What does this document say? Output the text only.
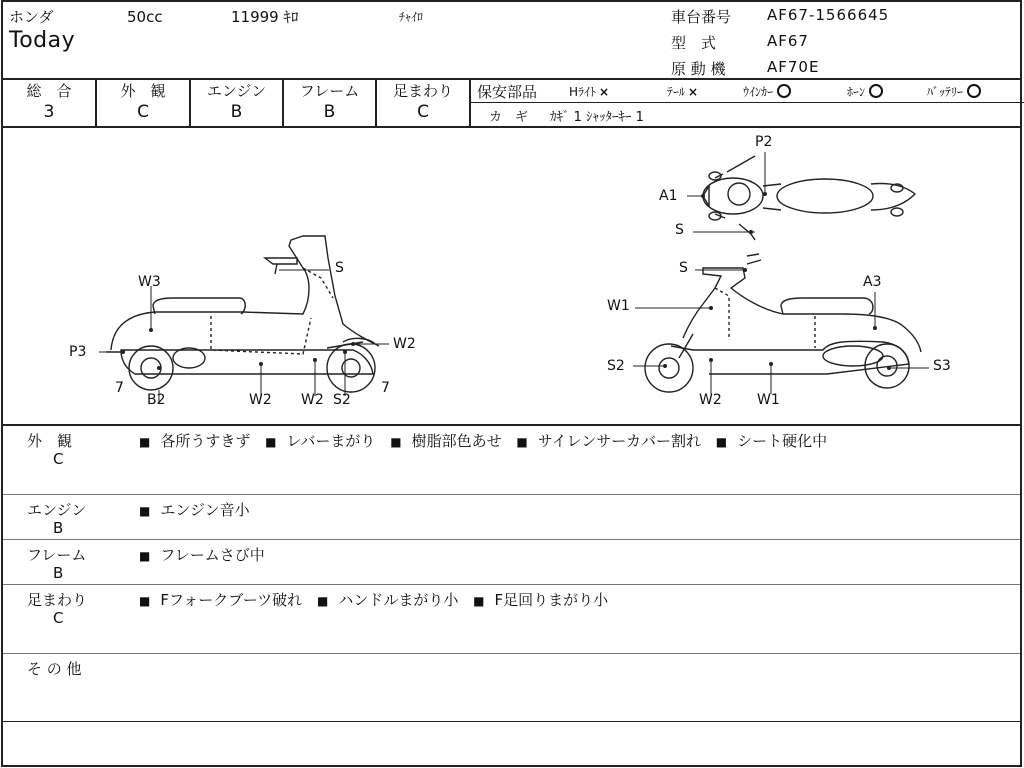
ホンダ	50cc	11999 ｷﾛ	ﾁｬｲﾛ
Today
車台番号 AF67-1566645
型　式	AF67
原 動 機	AF70E
総　合
3
外　観
C
エンジン
B
フレーム
B
足まわり
C
保安部品	Hﾗｲﾄ ×	ﾃｰﾙ ×	ｳｲﾝｶｰ	ﾎｰﾝ	ﾊﾞｯﾃﾘｰ
カ　ギ ｶｷﾞ 1 ｼｬｯﾀｰｷｰ 1
W3
P3
7
B2	W2 W2 S2
7
W2
S
P2
A1
S
S
W1
S2
W2	W1
A3
S3
外　観
C
■ 各所うすきず ■ レバーまがり ■ 樹脂部色あせ ■ サイレンサーカバー割れ ■ シート硬化中
エンジン
B
■ エンジン音小
フレーム
B
■ フレームさび中
足まわり
C
■ Fフォークブーツ破れ ■ ハンドルまがり小 ■ F足回りまがり小
そ の 他
